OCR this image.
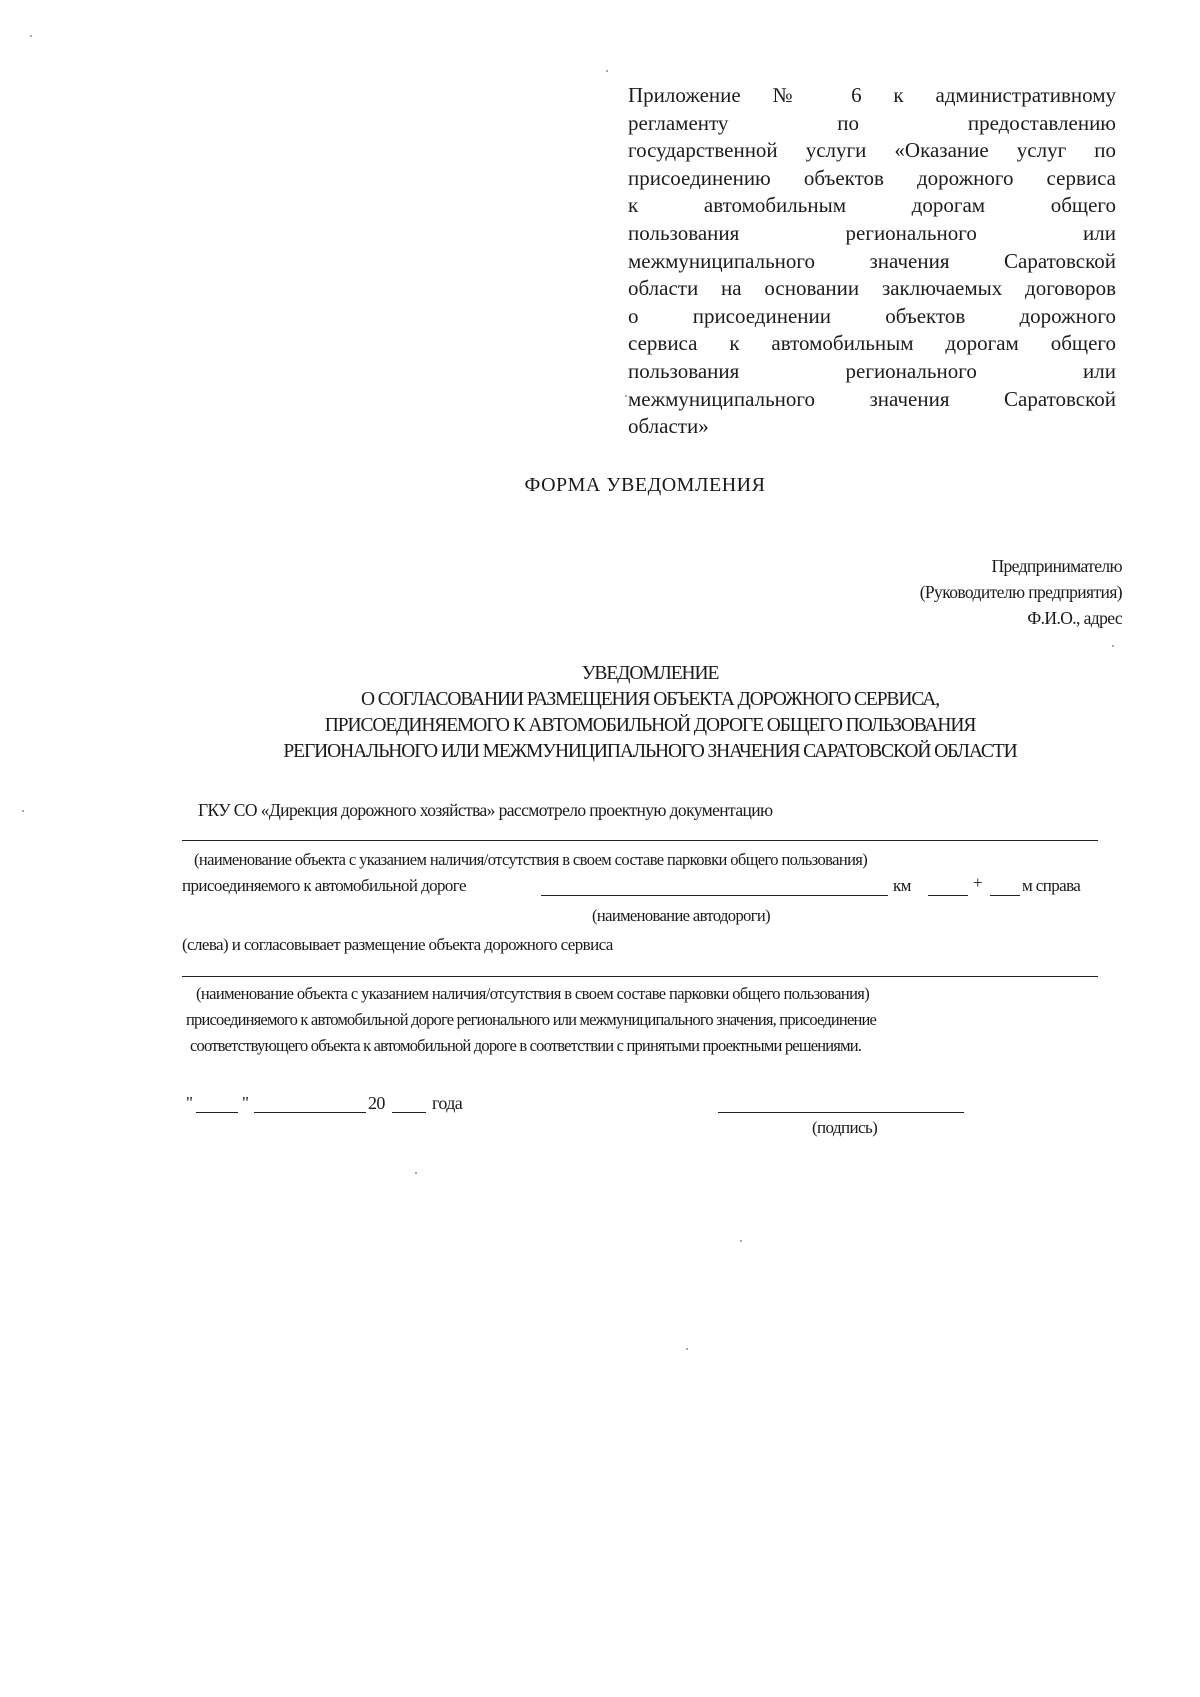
Приложение № 6 к административному
регламенту по предоставлению
государственной услуги «Оказание услуг по
присоединению объектов дорожного сервиса
к автомобильным дорогам общего
пользования регионального или
межмуниципального значения Саратовской
области на основании заключаемых договоров
о присоединении объектов дорожного
сервиса к автомобильным дорогам общего
пользования регионального или
межмуниципального значения Саратовской
области»
ФОРМА УВЕДОМЛЕНИЯ
Предпринимателю
(Руководителю предприятия)
Ф.И.О., адрес
УВЕДОМЛЕНИЕ
О СОГЛАСОВАНИИ РАЗМЕЩЕНИЯ ОБЪЕКТА ДОРОЖНОГО СЕРВИСА,
ПРИСОЕДИНЯЕМОГО К АВТОМОБИЛЬНОЙ ДОРОГЕ ОБЩЕГО ПОЛЬЗОВАНИЯ
РЕГИОНАЛЬНОГО ИЛИ МЕЖМУНИЦИПАЛЬНОГО ЗНАЧЕНИЯ САРАТОВСКОЙ ОБЛАСТИ
ГКУ СО «Дирекция дорожного хозяйства» рассмотрело проектную документацию
(наименование объекта с указанием наличия/отсутствия в своем составе парковки общего пользования)
присоединяемого к автомобильной дороге	км	+ м справа
(наименование автодороги)
(слева) и согласовывает размещение объекта дорожного сервиса
(наименование объекта с указанием наличия/отсутствия в своем составе парковки общего пользования)
присоединяемого к автомобильной дороге регионального или межмуниципального значения, присоединение
соответствующего объекта к автомобильной дороге в соответствии с принятыми проектными решениями.
"	"	20	года
(подпись)
